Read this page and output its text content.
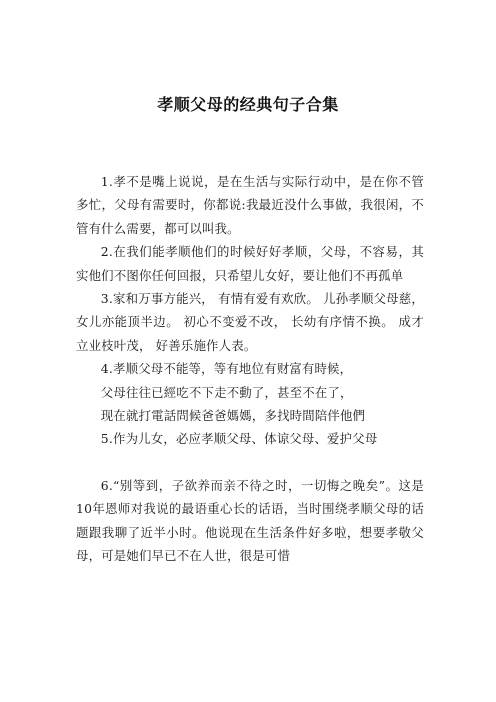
孝顺父母的经典句子合集

1.孝不是嘴上说说，是在生活与实际行动中，是在你不管多忙，父母有需要时，你都说:我最近没什么事做，我很闲，不管有什么需要，都可以叫我。

2.在我们能孝顺他们的时候好好孝顺，父母，不容易，其实他们不图你任何回报，只希望儿女好，要让他们不再孤单

3.家和万事方能兴， 有情有爱有欢欣。 儿孙孝顺父母慈， 女儿亦能顶半边。 初心不变爱不改， 长幼有序情不换。 成才立业枝叶茂， 好善乐施作人表。

4.孝顺父母不能等，等有地位有财富有時候，

父母往往已經吃不下走不動了，甚至不在了，

现在就打電話問候爸爸媽媽，多找時間陪伴他們

5.作为儿女，必应孝顺父母、体谅父母、爱护父母

6.“别等到，子欲养而亲不待之时，一切悔之晚矣”。这是10年恩师对我说的最语重心长的话语，当时围绕孝顺父母的话题跟我聊了近半小时。他说现在生活条件好多啦，想要孝敬父母，可是她们早已不在人世，很是可惜
